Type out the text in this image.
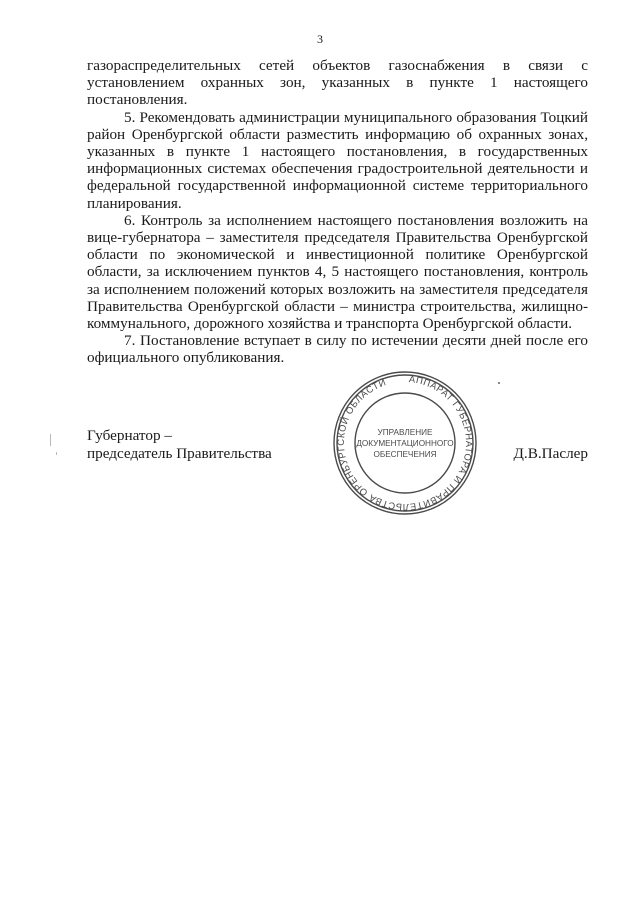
3

газораспределительных сетей объектов газоснабжения в связи с установлением охранных зон, указанных в пункте 1 настоящего постановления.

5. Рекомендовать администрации муниципального образования Тоцкий район Оренбургской области разместить информацию об охранных зонах, указанных в пункте 1 настоящего постановления, в государственных информационных системах обеспечения градостроительной деятельности и федеральной государственной информационной системе территориального планирования.

6. Контроль за исполнением настоящего постановления возложить на вице-губернатора – заместителя председателя Правительства Оренбургской области по экономической и инвестиционной политике Оренбургской области, за исключением пунктов 4, 5 настоящего постановления, контроль за исполнением положений которых возложить на заместителя председателя Правительства Оренбургской области – министра строительства, жилищно-коммунального, дорожного хозяйства и транспорта Оренбургской области.

7. Постановление вступает в силу по истечении десяти дней после его официального опубликования.

Губернатор –
председатель Правительства
АППАРАТ ГУБЕРНАТОРА И ПРАВИТЕЛЬСТВА ОРЕНБУРГСКОЙ ОБЛАСТИ
УПРАВЛЕНИЕ
ДОКУМЕНТАЦИОННОГО
ОБЕСПЕЧЕНИЯ	Д.В.Паслер
